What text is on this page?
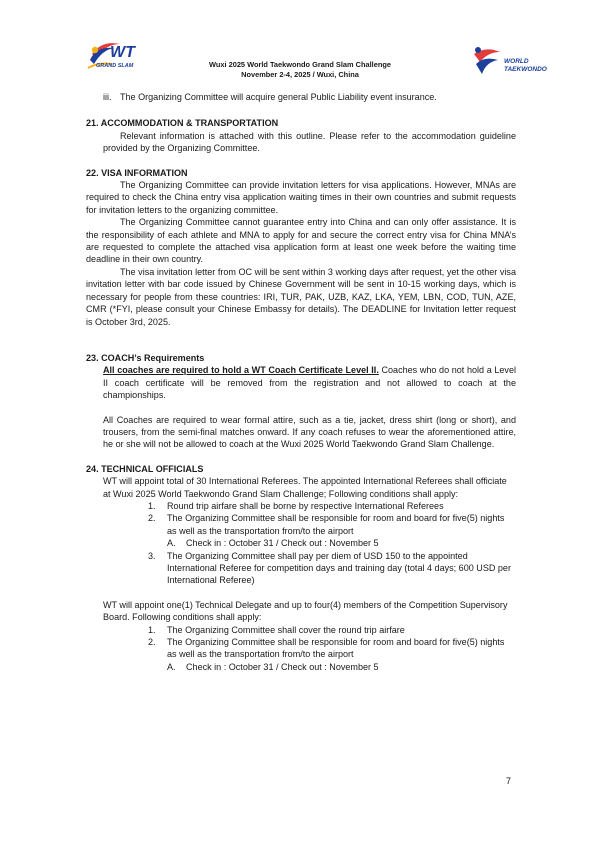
WT
GRAND SLAM	Wuxi 2025 World Taekwondo Grand Slam Challenge
November 2-4, 2025 / Wuxi, China
WORLD
TAEKWONDO
iii. The Organizing Committee will acquire general Public Liability event insurance.

21. ACCOMMODATION & TRANSPORTATION

Relevant information is attached with this outline. Please refer to the accommodation guideline provided by the Organizing Committee.

22. VISA INFORMATION

The Organizing Committee can provide invitation letters for visa applications. However, MNAs are required to check the China entry visa application waiting times in their own countries and submit requests for invitation letters to the organizing committee.

The Organizing Committee cannot guarantee entry into China and can only offer assistance. It is the responsibility of each athlete and MNA to apply for and secure the correct entry visa for China MNA’s are requested to complete the attached visa application form at least one week before the waiting time deadline in their own country.

The visa invitation letter from OC will be sent within 3 working days after request, yet the other visa invitation letter with bar code issued by Chinese Government will be sent in 10-15 working days, which is necessary for people from these countries: IRI, TUR, PAK, UZB, KAZ, LKA, YEM, LBN, COD, TUN, AZE, CMR (*FYI, please consult your Chinese Embassy for details). The DEADLINE for Invitation letter request is October 3rd, 2025.

23. COACH’s Requirements

All coaches are required to hold a WT Coach Certificate Level II. Coaches who do not hold a Level II coach certificate will be removed from the registration and not allowed to coach at the championships.

All Coaches are required to wear formal attire, such as a tie, jacket, dress shirt (long or short), and trousers, from the semi-final matches onward. If any coach refuses to wear the aforementioned attire, he or she will not be allowed to coach at the Wuxi 2025 World Taekwondo Grand Slam Challenge.

24. TECHNICAL OFFICIALS

WT will appoint total of 30 International Referees. The appointed International Referees shall officiate at Wuxi 2025 World Taekwondo Grand Slam Challenge; Following conditions shall apply:

1.	Round trip airfare shall be borne by respective International Referees
2.	The Organizing Committee shall be responsible for room and board for five(5) nights as well as the transportation from/to the airport
A.	Check in : October 31 / Check out : November 5
3.	The Organizing Committee shall pay per diem of USD 150 to the appointed International Referee for competition days and training day (total 4 days; 600 USD per International Referee)

WT will appoint one(1) Technical Delegate and up to four(4) members of the Competition Supervisory Board. Following conditions shall apply:

1.	The Organizing Committee shall cover the round trip airfare
2.	The Organizing Committee shall be responsible for room and board for five(5) nights as well as the transportation from/to the airport
A.	Check in : October 31 / Check out : November 5
7
